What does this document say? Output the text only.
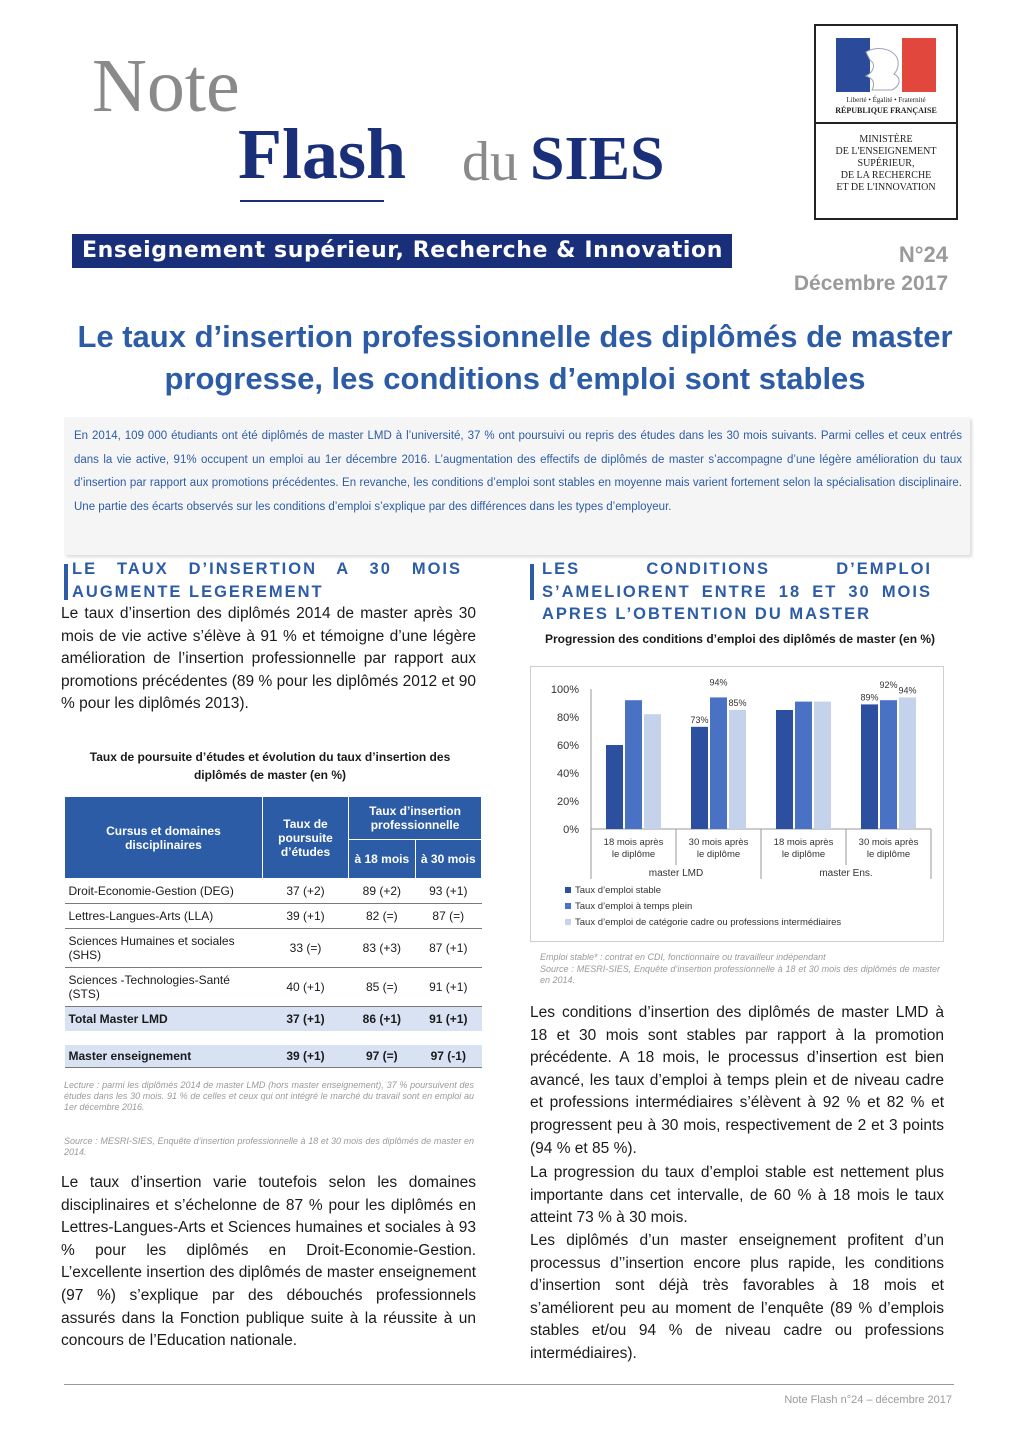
Note
Flash du SIES
Liberté • Égalité • Fraternité
RÉPUBLIQUE FRANÇAISE
MINISTÈRE
DE L'ENSEIGNEMENT
SUPÉRIEUR,
DE LA RECHERCHE
ET DE L'INNOVATION
Enseignement supérieur, Recherche & Innovation	N°24
Décembre 2017
Le taux d’insertion professionnelle des diplômés de master progresse, les conditions d’emploi sont stables
En 2014, 109 000 étudiants ont été diplômés de master LMD à l’université, 37 % ont poursuivi ou repris des études dans les 30 mois suivants. Parmi celles et ceux entrés dans la vie active, 91% occupent un emploi au 1er décembre 2016. L’augmentation des effectifs de diplômés de master s’accompagne d’une légère amélioration du taux d’insertion par rapport aux promotions précédentes. En revanche, les conditions d’emploi sont stables en moyenne mais varient fortement selon la spécialisation disciplinaire. Une partie des écarts observés sur les conditions d’emploi s’explique par des différences dans les types d’employeur.
LE TAUX D’INSERTION A 30 MOIS AUGMENTE LEGEREMENT
Le taux d’insertion des diplômés 2014 de master après 30 mois de vie active s’élève à 91 % et témoigne d’une légère amélioration de l’insertion professionnelle par rapport aux promotions précédentes (89 % pour les diplômés 2012 et 90 % pour les diplômés 2013).
Taux de poursuite d’études et évolution du taux d’insertion des diplômés de master (en %)
Cursus et domaines disciplinaires	Taux de poursuite d’études	Taux d’insertion professionnelle	
		à 18 mois	à 30 mois
Droit-Economie-Gestion (DEG)	37 (+2)	89 (+2)	93 (+1)
Lettres-Langues-Arts (LLA)	39 (+1)	82 (=)	87 (=)
Sciences Humaines et sociales (SHS)	33 (=)	83 (+3)	87 (+1)
Sciences -Technologies-Santé (STS)	40 (+1)	85 (=)	91 (+1)
Total Master LMD	37 (+1)	86 (+1)	91 (+1)

Master enseignement	39 (+1)	97 (=)	97 (-1)
Lecture : parmi les diplômés 2014 de master LMD (hors master enseignement), 37 % poursuivent des études dans les 30 mois. 91 % de celles et ceux qui ont intégré le marché du travail sont en emploi au 1er décembre 2016.
Source : MESRI-SIES, Enquête d’insertion professionnelle à 18 et 30 mois des diplômés de master en 2014.
Le taux d’insertion varie toutefois selon les domaines disciplinaires et s’échelonne de 87 % pour les diplômés en Lettres-Langues-Arts et Sciences humaines et sociales à 93 % pour les diplômés en Droit-Economie-Gestion. L’excellente insertion des diplômés de master enseignement (97 %) s’explique par des débouchés professionnels assurés dans la Fonction publique suite à la réussite à un concours de l’Education nationale.
LES CONDITIONS D’EMPLOI S’AMELIORENT ENTRE 18 ET 30 MOIS APRES L’OBTENTION DU MASTER
Progression des conditions d’emploi des diplômés de master (en %)
0%
20%
40%
60%
80%
100%
18 mois après
le diplôme
73%
94%
85%
30 mois après
le diplôme
18 mois après
le diplôme
89%
92%
94%
30 mois après
le diplôme
master LMD	master Ens.
Taux d’emploi stable
Taux d’emploi à temps plein
Taux d’emploi de catégorie cadre ou professions intermédiaires
Emploi stable* : contrat en CDI, fonctionnaire ou travailleur indépendant
Source : MESRI-SIES, Enquête d’insertion professionnelle à 18 et 30 mois des diplômés de master en 2014.
Les conditions d’insertion des diplômés de master LMD à 18 et 30 mois sont stables par rapport à la promotion précédente. A 18 mois, le processus d’insertion est bien avancé, les taux d’emploi à temps plein et de niveau cadre et professions intermédiaires s’élèvent à 92 % et 82 % et progressent peu à 30 mois, respectivement de 2 et 3 points (94 % et 85 %).
La progression du taux d’emploi stable est nettement plus importante dans cet intervalle, de 60 % à 18 mois le taux atteint 73 % à 30 mois.
Les diplômés d’un master enseignement profitent d’un processus d’’insertion encore plus rapide, les conditions d’insertion sont déjà très favorables à 18 mois et s’améliorent peu au moment de l’enquête (89 % d’emplois stables et/ou 94 % de niveau cadre ou professions intermédiaires).
Note Flash n°24 – décembre 2017
